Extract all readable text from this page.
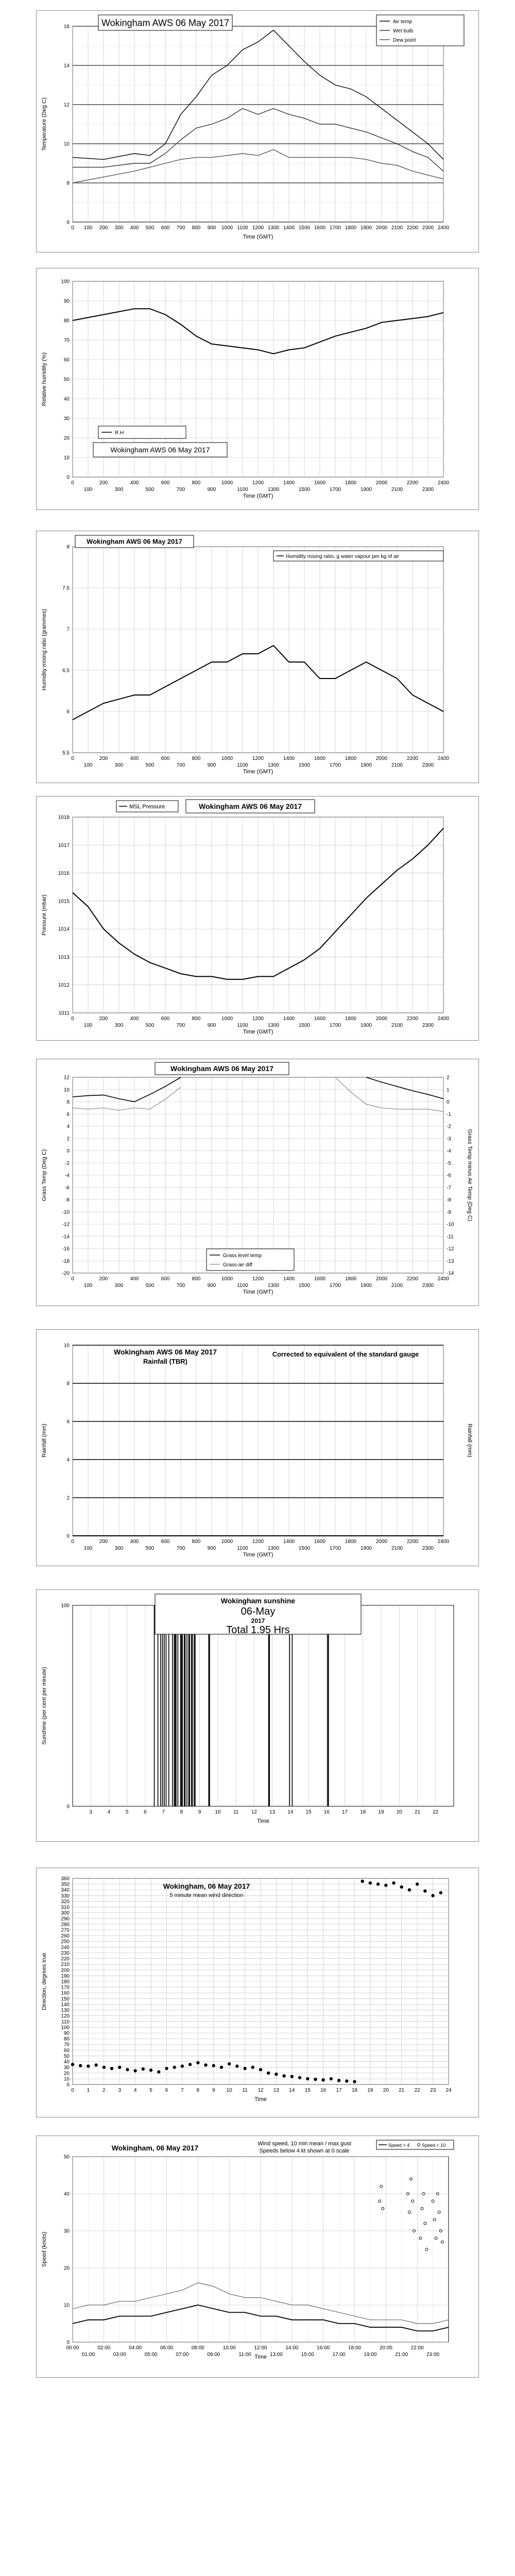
0 100 200 300 400 500 600 700 800 900 1000 1100 1200 1300 1400 1500 1600 1700 1800 1900 2000 2100 2200 2300 2400
6
8
10
12
14
16
Time (GMT)
Temperature (Deg C)
Wokingham AWS 06 May 2017	Air temp
Wet bulb
Dew point
0
100
200
300
400
500
600
700
800
900
1000
1100
1200
1300
1400
1500
1600
1700
1800
1900
2000
2100
2200
2300
2400
0
10
20
30
40
50
60
70
80
90
100
Time (GMT)
Relative humidity (%)
Wokingham AWS 06 May 2017
R.H
0
100
200
300
400
500
600
700
800
900
1000
1100
1200
1300
1400
1500
1600
1700
1800
1900
2000
2100
2200
2300
2400
5.5
6
6.5
7
7.5
8
Time (GMT)
Humidity mixing ratio (grammes)
Wokingham AWS 06 May 2017
Humidity mixing ratio, g water vapour per kg of air
0
100
200
300
400
500
600
700
800
900
1000
1100
1200
1300
1400
1500
1600
1700
1800
1900
2000
2100
2200
2300
2400
1011
1012
1013
1014
1015
1016
1017
1018
Time (GMT)
Pressure (mbar)
MSL Pressure	Wokingham AWS 06 May 2017
0
100
200
300
400
500
600
700
800
900
1000
1100
1200
1300
1400
1500
1600
1700
1800
1900
2000
2100
2200
2300
2400
12
10
8
6
4
2
0
-2
-4
-6
-8
-10
-12
-14
-16
-18
-20
Time (GMT)
Grass Temp (Deg C)	Grass Temp minus Air Temp (Deg C)
2
1
0
-1
-2
-3
-4
-5
-6
-7
-8
-9
-10
-11
-12
-13
-14
Wokingham AWS 06 May 2017
Grass level temp
Grass-air diff
0
100
200
300
400
500
600
700
800
900
1000
1100
1200
1300
1400
1500
1600
1700
1800
1900
2000
2100
2200
2300
2400
0
2
4
6
8
10
Time (GMT)
Rainfall (mm)	Rainfall (mm)
Wokingham AWS 06 May 2017
Rainfall (TBR)
Corrected to equivalent of the standard gauge
3	4	5	6	7	8	9	10 11 12 13 14 15 16 17 18 19 20 21 22
0
100
Time
Sunshine (per cent per minute)
Wokingham sunshine
06-May
2017
Total 1.95 Hrs
0 1 2 3 4 5 6 7 8 9 10 11 12 13 14 15 16 17 18 19 20 21 22 23 24
0
10
20
30
40
50
60
70
80
90
100
110
120
130
140
150
160
170
180
190
200
210
220
230
240
250
260
270
280
290
300
310
320
330
340
350
360
Time
Direction, degrees true
Wokingham, 06 May 2017
5 minute mean wind direction
0
10
20
30
40
50
Time
Speed (knots)
00:00	02:00	04:00	06:00	08:00	10:00	12:00	14:00	16:00	18:00	20:00	22:00
01:00	03:00	05:00	07:00	09:00	11:00	13:00	15:00	17:00	19:00	21:00	23:00
Wokingham, 06 May 2017	Wind speed, 10 min mean / max gust
Speeds below 4 kt shown at 0 scale
Speed > 4	Speed < 10
